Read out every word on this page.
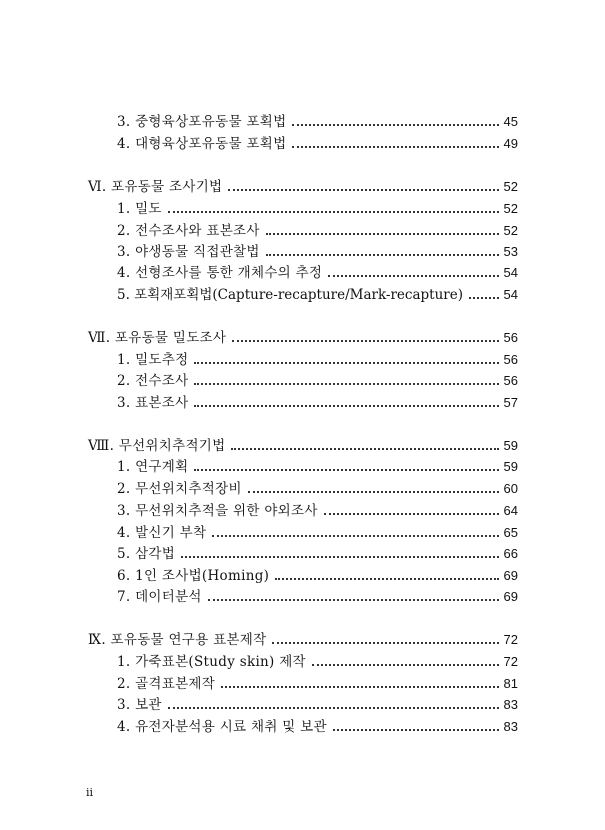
3. 중형육상포유동물 포획법	45
4. 대형육상포유동물 포획법	49
Ⅵ. 포유동물 조사기법	52
1. 밀도	52
2. 전수조사와 표본조사	52
3. 야생동물 직접관찰법	53
4. 선형조사를 통한 개체수의 추정	54
5. 포획재포획법(Capture-recapture/Mark-recapture)	54
Ⅶ. 포유동물 밀도조사	56
1. 밀도추정	56
2. 전수조사	56
3. 표본조사	57
Ⅷ. 무선위치추적기법	59
1. 연구계획	59
2. 무선위치추적장비	60
3. 무선위치추적을 위한 야외조사	64
4. 발신기 부착	65
5. 삼각법	66
6. 1인 조사법(Homing)	69
7. 데이터분석	69
Ⅸ. 포유동물 연구용 표본제작	72
1. 가죽표본(Study skin) 제작	72
2. 골격표본제작	81
3. 보관	83
4. 유전자분석용 시료 채취 및 보관	83
ii
